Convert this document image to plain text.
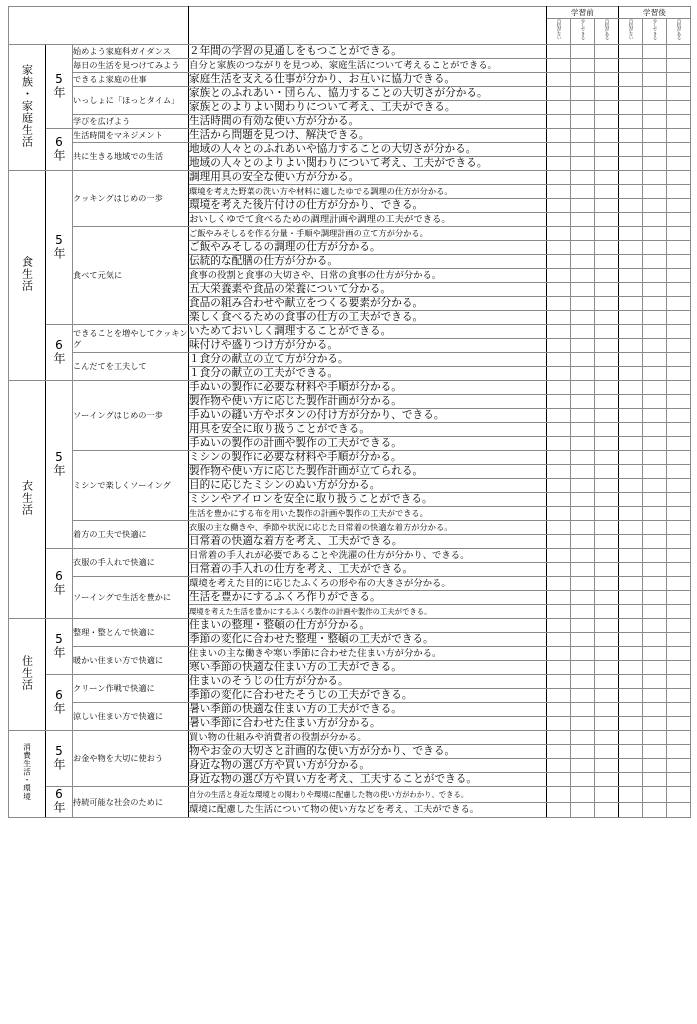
				学習前			学習後		
				自信がない	少しできる	自信がある	自信がない	少しできる	自信がある
家族・家庭生活	5年	始めよう家庭科ガイダンス	２年間の学習の見通しをもつことができる。						
		毎日の生活を見つけてみよう	自分と家族のつながりを見つめ、家庭生活について考えることができる。						
		できるよ家庭の仕事	家庭生活を支える仕事が分かり、お互いに協力できる。						
		いっしょに「ほっとタイム」	家族とのふれあい・団らん、協力することの大切さが分かる。						
			家族とのよりよい関わりについて考え、工夫ができる。						
		学びを広げよう	生活時間の有効な使い方が分かる。						
	6年	生活時間をマネジメント	生活から問題を見つけ、解決できる。						
		共に生きる地域での生活	地域の人々とのふれあいや協力することの大切さが分かる。						
			地域の人々とのよりよい関わりについて考え、工夫ができる。						
食生活	5年	クッキングはじめの一歩	調理用具の安全な使い方が分かる。						
			環境を考えた野菜の洗い方や材料に適したゆでる調理の仕方が分かる。						
			環境を考えた後片付けの仕方が分かり、できる。						
			おいしくゆでて食べるための調理計画や調理の工夫ができる。						
		食べて元気に	ご飯やみそしるを作る分量・手順や調理計画の立て方が分かる。						
			ご飯やみそしるの調理の仕方が分かる。						
			伝統的な配膳の仕方が分かる。						
			食事の役割と食事の大切さや、日常の食事の仕方が分かる。						
			五大栄養素や食品の栄養について分かる。						
			食品の組み合わせや献立をつくる要素が分かる。						
			楽しく食べるための食事の仕方の工夫ができる。						
	6年	できることを増やしてクッキング	いためておいしく調理することができる。						
			味付けや盛りつけ方が分かる。						
		こんだてを工夫して	１食分の献立の立て方が分かる。						
			１食分の献立の工夫ができる。						
衣生活	5年	ソーイングはじめの一歩	手ぬいの製作に必要な材料や手順が分かる。						
			製作物や使い方に応じた製作計画が分かる。						
			手ぬいの縫い方やボタンの付け方が分かり、できる。						
			用具を安全に取り扱うことができる。						
			手ぬいの製作の計画や製作の工夫ができる。						
		ミシンで楽しくソーイング	ミシンの製作に必要な材料や手順が分かる。						
			製作物や使い方に応じた製作計画が立てられる。						
			目的に応じたミシンのぬい方が分かる。						
			ミシンやアイロンを安全に取り扱うことができる。						
			生活を豊かにする布を用いた製作の計画や製作の工夫ができる。						
		着方の工夫で快適に	衣服の主な働きや、季節や状況に応じた日常着の快適な着方が分かる。						
			日常着の快適な着方を考え、工夫ができる。						
	6年	衣服の手入れで快適に	日常着の手入れが必要であることや洗濯の仕方が分かり、できる。						
			日常着の手入れの仕方を考え、工夫ができる。						
		ソーイングで生活を豊かに	環境を考えた目的に応じたふくろの形や布の大きさが分かる。						
			生活を豊かにするふくろ作りができる。						
			環境を考えた生活を豊かにするふくろ製作の計画や製作の工夫ができる。						
住生活	5年	整理・整とんで快適に	住まいの整理・整頓の仕方が分かる。						
			季節の変化に合わせた整理・整頓の工夫ができる。						
		暖かい住まい方で快適に	住まいの主な働きや寒い季節に合わせた住まい方が分かる。						
			寒い季節の快適な住まい方の工夫ができる。						
	6年	クリーン作戦で快適に	住まいのそうじの仕方が分かる。						
			季節の変化に合わせたそうじの工夫ができる。						
		涼しい住まい方で快適に	暑い季節の快適な住まい方の工夫ができる。						
			暑い季節に合わせた住まい方が分かる。						
消費生活・環境	5年	お金や物を大切に使おう	買い物の仕組みや消費者の役割が分かる。						
			物やお金の大切さと計画的な使い方が分かり、できる。						
			身近な物の選び方や買い方が分かる。						
			身近な物の選び方や買い方を考え、工夫することができる。						
	6年	持続可能な社会のために	自分の生活と身近な環境との関わりや環境に配慮した物の使い方がわかり、できる。						
			環境に配慮した生活について物の使い方などを考え、工夫ができる。						
